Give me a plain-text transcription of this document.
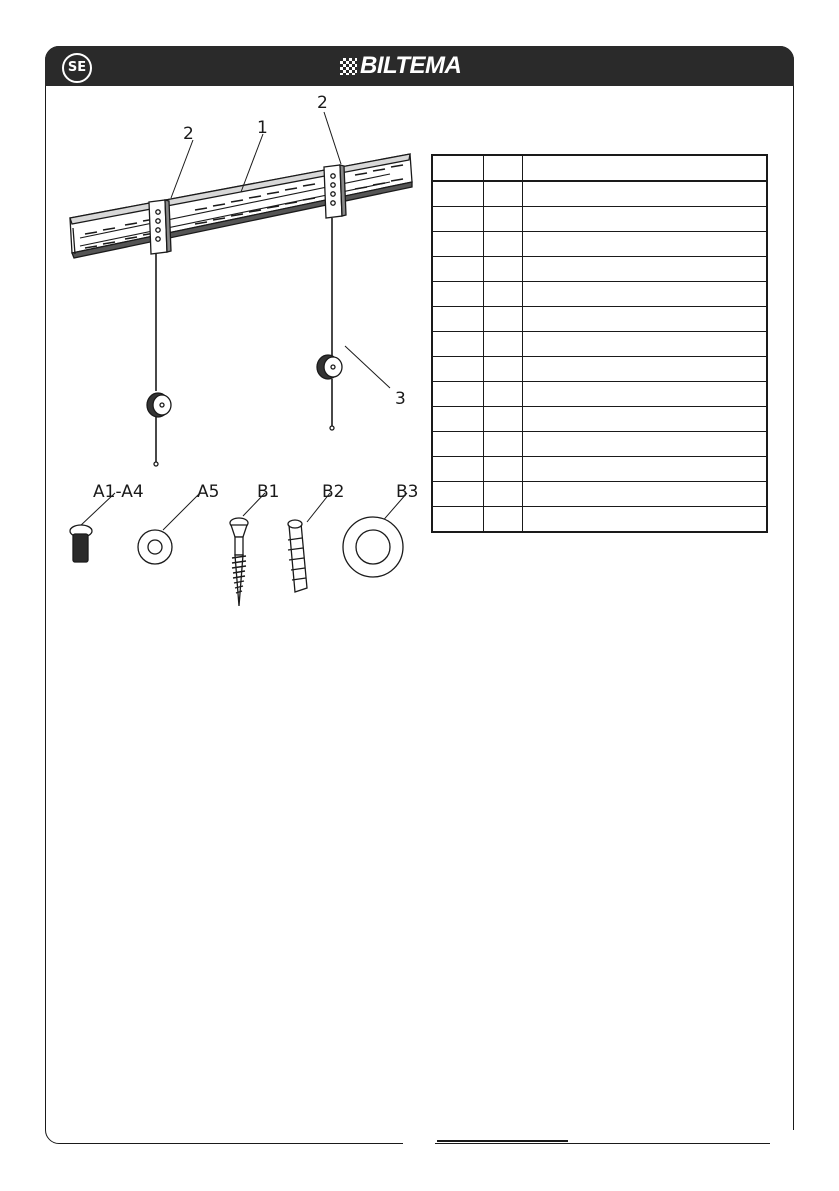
SE	BILTEMA
2	1
2
3
A1-A4	A5 B1	B2	B3
